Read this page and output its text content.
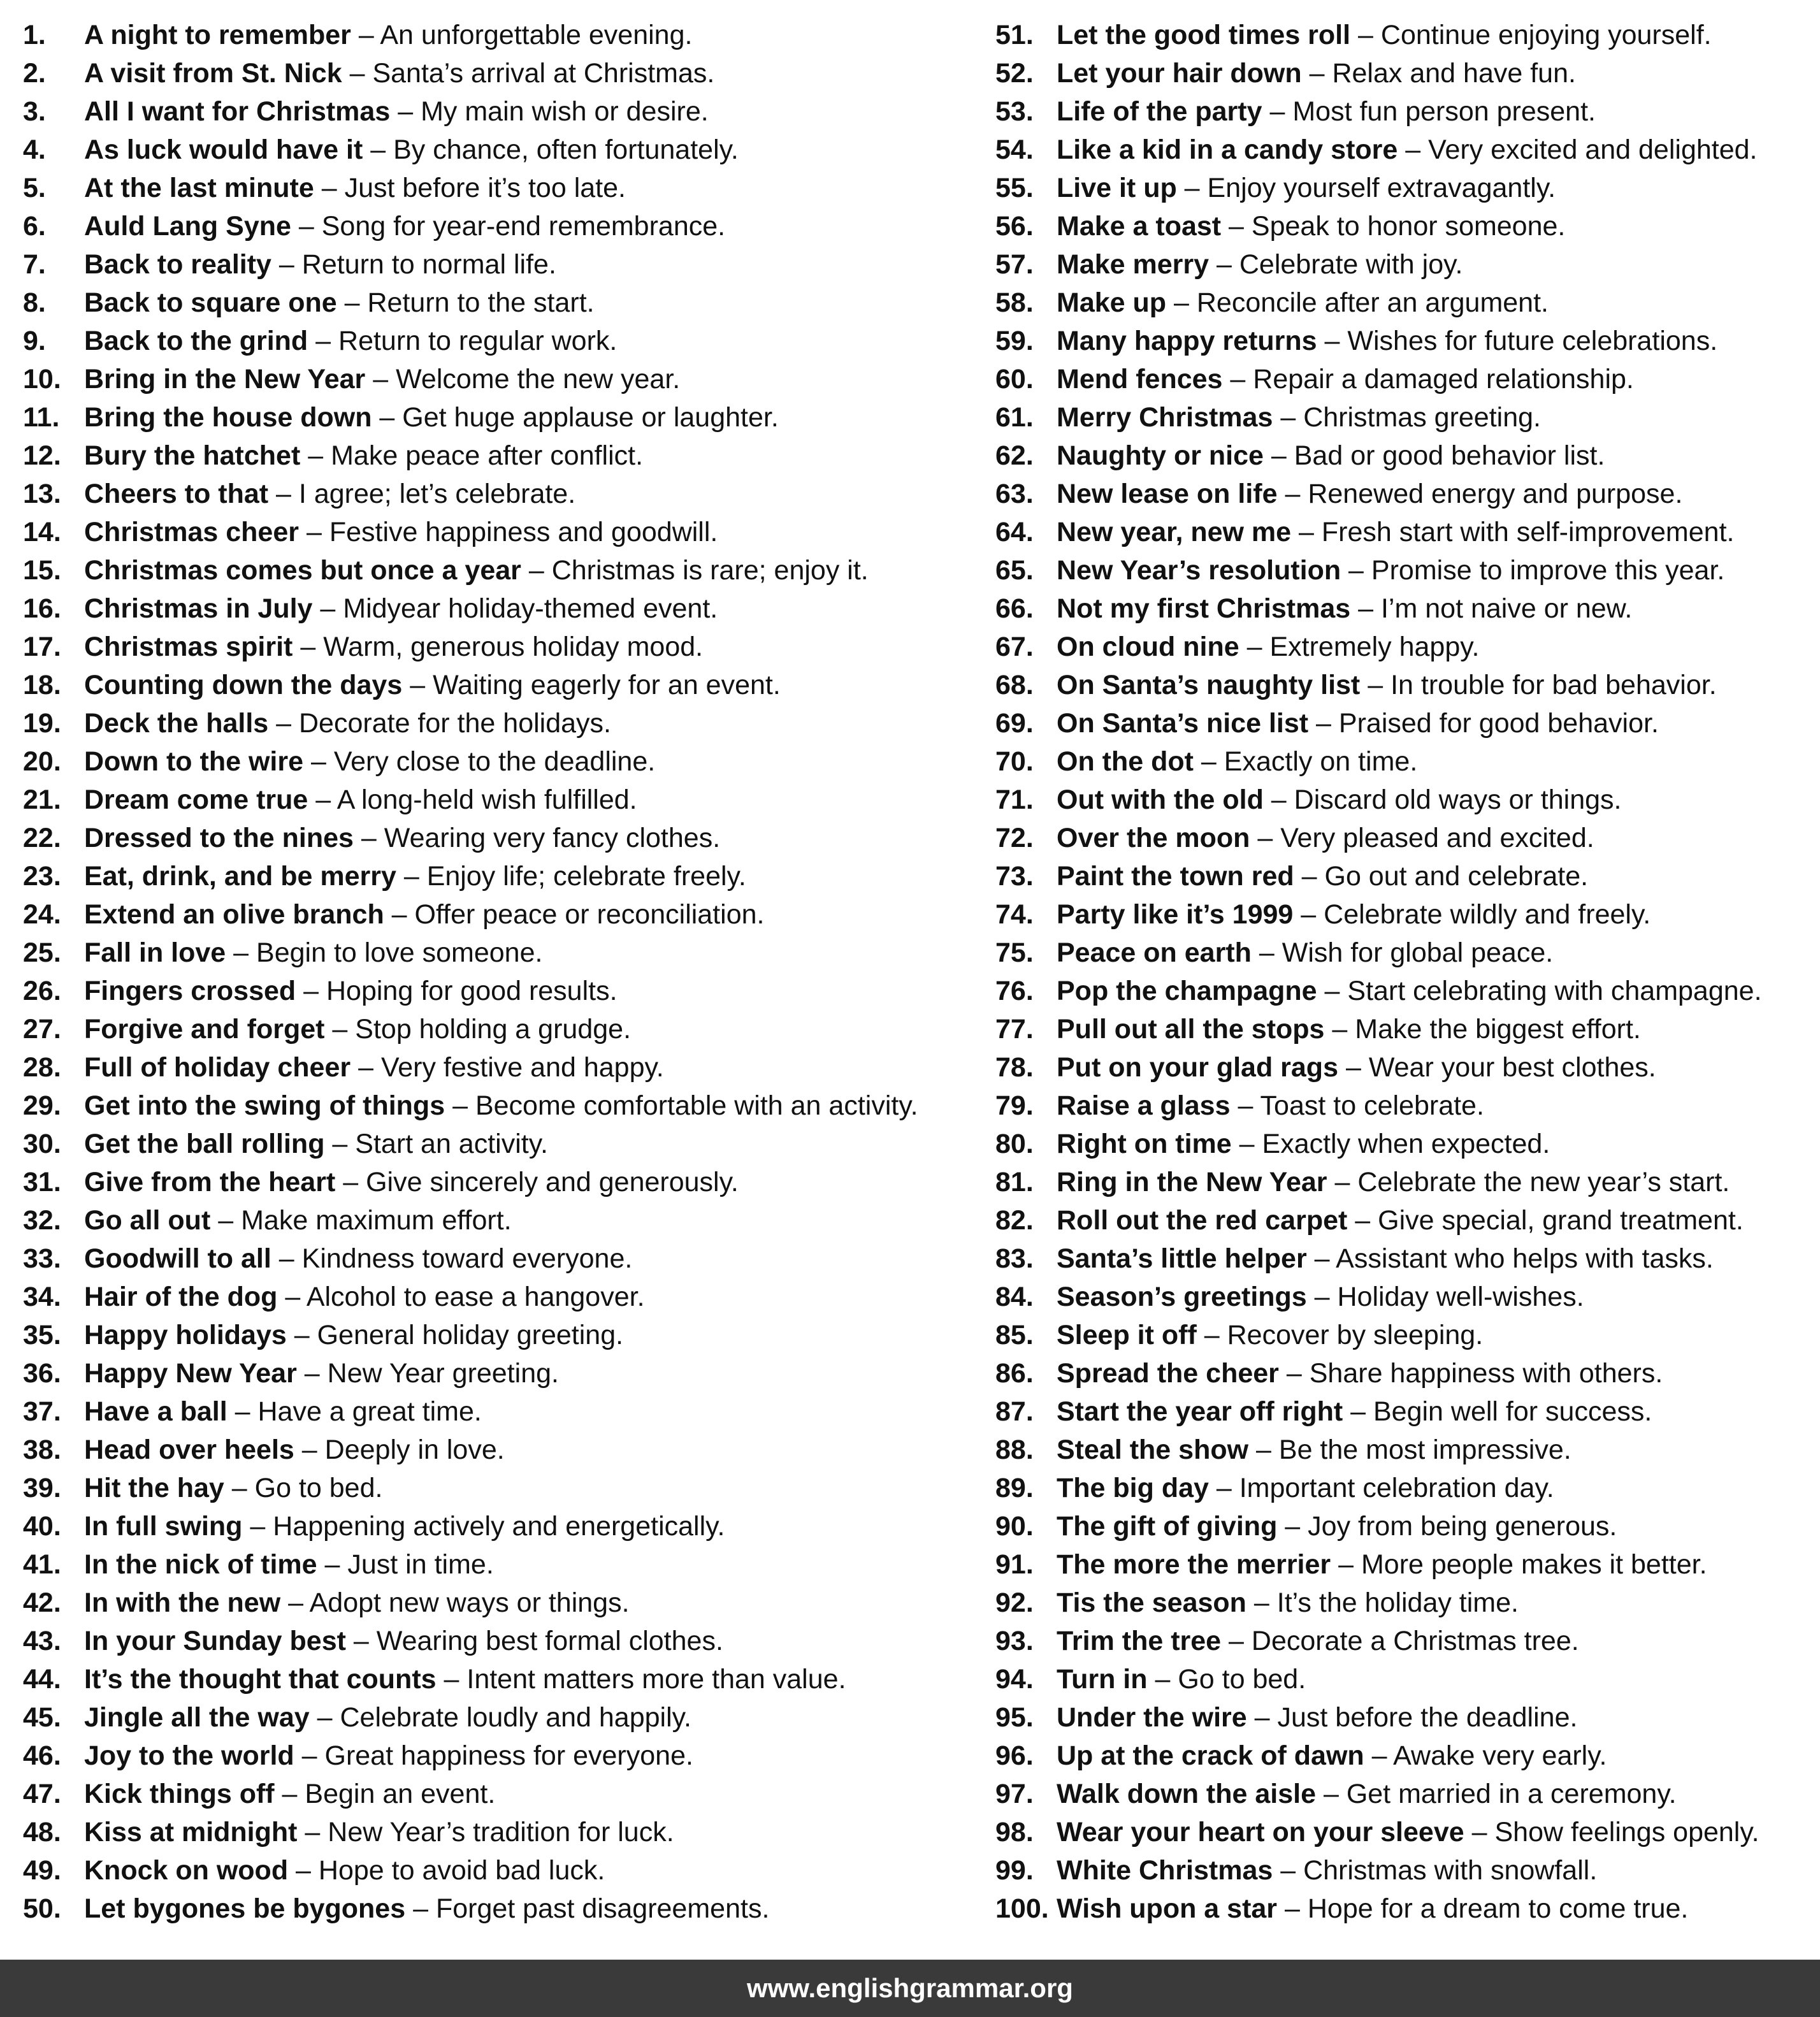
1.	A night to remember – An unforgettable evening.
2.	A visit from St. Nick – Santa’s arrival at Christmas.
3.	All I want for Christmas – My main wish or desire.
4.	As luck would have it – By chance, often fortunately.
5.	At the last minute – Just before it’s too late.
6.	Auld Lang Syne – Song for year-end remembrance.
7.	Back to reality – Return to normal life.
8.	Back to square one – Return to the start.
9.	Back to the grind – Return to regular work.
10. Bring in the New Year – Welcome the new year.
11. Bring the house down – Get huge applause or laughter.
12. Bury the hatchet – Make peace after conflict.
13. Cheers to that – I agree; let’s celebrate.
14. Christmas cheer – Festive happiness and goodwill.
15. Christmas comes but once a year – Christmas is rare; enjoy it.
16. Christmas in July – Midyear holiday-themed event.
17. Christmas spirit – Warm, generous holiday mood.
18. Counting down the days – Waiting eagerly for an event.
19. Deck the halls – Decorate for the holidays.
20. Down to the wire – Very close to the deadline.
21. Dream come true – A long-held wish fulfilled.
22. Dressed to the nines – Wearing very fancy clothes.
23. Eat, drink, and be merry – Enjoy life; celebrate freely.
24. Extend an olive branch – Offer peace or reconciliation.
25. Fall in love – Begin to love someone.
26. Fingers crossed – Hoping for good results.
27. Forgive and forget – Stop holding a grudge.
28. Full of holiday cheer – Very festive and happy.
29. Get into the swing of things – Become comfortable with an activity.
30. Get the ball rolling – Start an activity.
31. Give from the heart – Give sincerely and generously.
32. Go all out – Make maximum effort.
33. Goodwill to all – Kindness toward everyone.
34. Hair of the dog – Alcohol to ease a hangover.
35. Happy holidays – General holiday greeting.
36. Happy New Year – New Year greeting.
37. Have a ball – Have a great time.
38. Head over heels – Deeply in love.
39. Hit the hay – Go to bed.
40. In full swing – Happening actively and energetically.
41. In the nick of time – Just in time.
42. In with the new – Adopt new ways or things.
43. In your Sunday best – Wearing best formal clothes.
44. It’s the thought that counts – Intent matters more than value.
45. Jingle all the way – Celebrate loudly and happily.
46. Joy to the world – Great happiness for everyone.
47. Kick things off – Begin an event.
48. Kiss at midnight – New Year’s tradition for luck.
49. Knock on wood – Hope to avoid bad luck.
50. Let bygones be bygones – Forget past disagreements.
51. Let the good times roll – Continue enjoying yourself.
52. Let your hair down – Relax and have fun.
53. Life of the party – Most fun person present.
54. Like a kid in a candy store – Very excited and delighted.
55. Live it up – Enjoy yourself extravagantly.
56. Make a toast – Speak to honor someone.
57. Make merry – Celebrate with joy.
58. Make up – Reconcile after an argument.
59. Many happy returns – Wishes for future celebrations.
60. Mend fences – Repair a damaged relationship.
61. Merry Christmas – Christmas greeting.
62. Naughty or nice – Bad or good behavior list.
63. New lease on life – Renewed energy and purpose.
64. New year, new me – Fresh start with self-improvement.
65. New Year’s resolution – Promise to improve this year.
66. Not my first Christmas – I’m not naive or new.
67. On cloud nine – Extremely happy.
68. On Santa’s naughty list – In trouble for bad behavior.
69. On Santa’s nice list – Praised for good behavior.
70. On the dot – Exactly on time.
71. Out with the old – Discard old ways or things.
72. Over the moon – Very pleased and excited.
73. Paint the town red – Go out and celebrate.
74. Party like it’s 1999 – Celebrate wildly and freely.
75. Peace on earth – Wish for global peace.
76. Pop the champagne – Start celebrating with champagne.
77. Pull out all the stops – Make the biggest effort.
78. Put on your glad rags – Wear your best clothes.
79. Raise a glass – Toast to celebrate.
80. Right on time – Exactly when expected.
81. Ring in the New Year – Celebrate the new year’s start.
82. Roll out the red carpet – Give special, grand treatment.
83. Santa’s little helper – Assistant who helps with tasks.
84. Season’s greetings – Holiday well-wishes.
85. Sleep it off – Recover by sleeping.
86. Spread the cheer – Share happiness with others.
87. Start the year off right – Begin well for success.
88. Steal the show – Be the most impressive.
89. The big day – Important celebration day.
90. The gift of giving – Joy from being generous.
91. The more the merrier – More people makes it better.
92. Tis the season – It’s the holiday time.
93. Trim the tree – Decorate a Christmas tree.
94. Turn in – Go to bed.
95. Under the wire – Just before the deadline.
96. Up at the crack of dawn – Awake very early.
97. Walk down the aisle – Get married in a ceremony.
98. Wear your heart on your sleeve – Show feelings openly.
99. White Christmas – Christmas with snowfall.
100. Wish upon a star – Hope for a dream to come true.
www.englishgrammar.org
